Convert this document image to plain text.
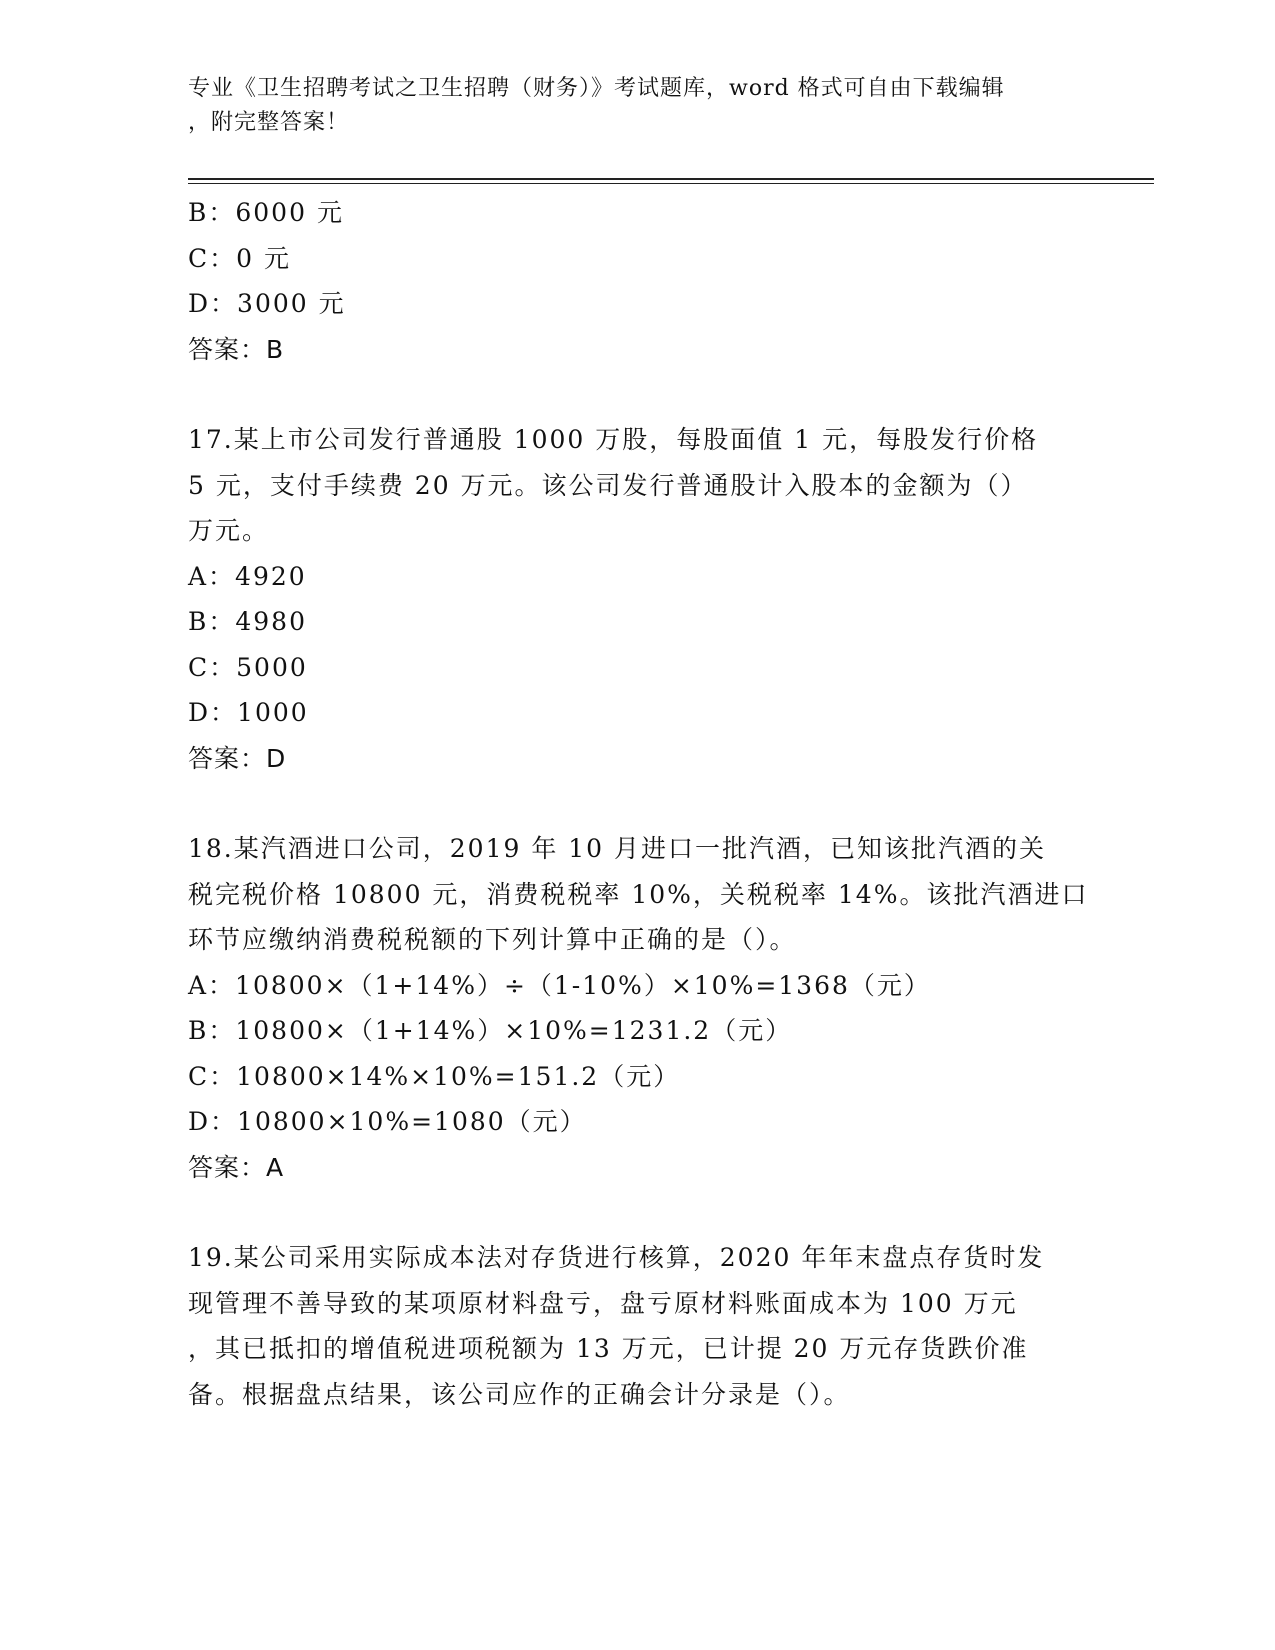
专业《卫生招聘考试之卫生招聘（财务）》考试题库，word 格式可自由下载编辑
，附完整答案！
B：6000 元
C：0 元
D：3000 元
答案：B
17.某上市公司发行普通股 1000 万股，每股面值 1 元，每股发行价格
5 元，支付手续费 20 万元。该公司发行普通股计入股本的金额为（）
万元。
A：4920
B：4980
C：5000
D：1000
答案：D
18.某汽酒进口公司，2019 年 10 月进口一批汽酒，已知该批汽酒的关
税完税价格 10800 元，消费税税率 10%，关税税率 14%。该批汽酒进口
环节应缴纳消费税税额的下列计算中正确的是（）。
A：10800×（1+14%）÷（1-10%）×10%=1368（元）
B：10800×（1+14%）×10%=1231.2（元）
C：10800×14%×10%=151.2（元）
D：10800×10%=1080（元）
答案：A
19.某公司采用实际成本法对存货进行核算，2020 年年末盘点存货时发
现管理不善导致的某项原材料盘亏，盘亏原材料账面成本为 100 万元
，其已抵扣的增值税进项税额为 13 万元，已计提 20 万元存货跌价准
备。根据盘点结果，该公司应作的正确会计分录是（）。
